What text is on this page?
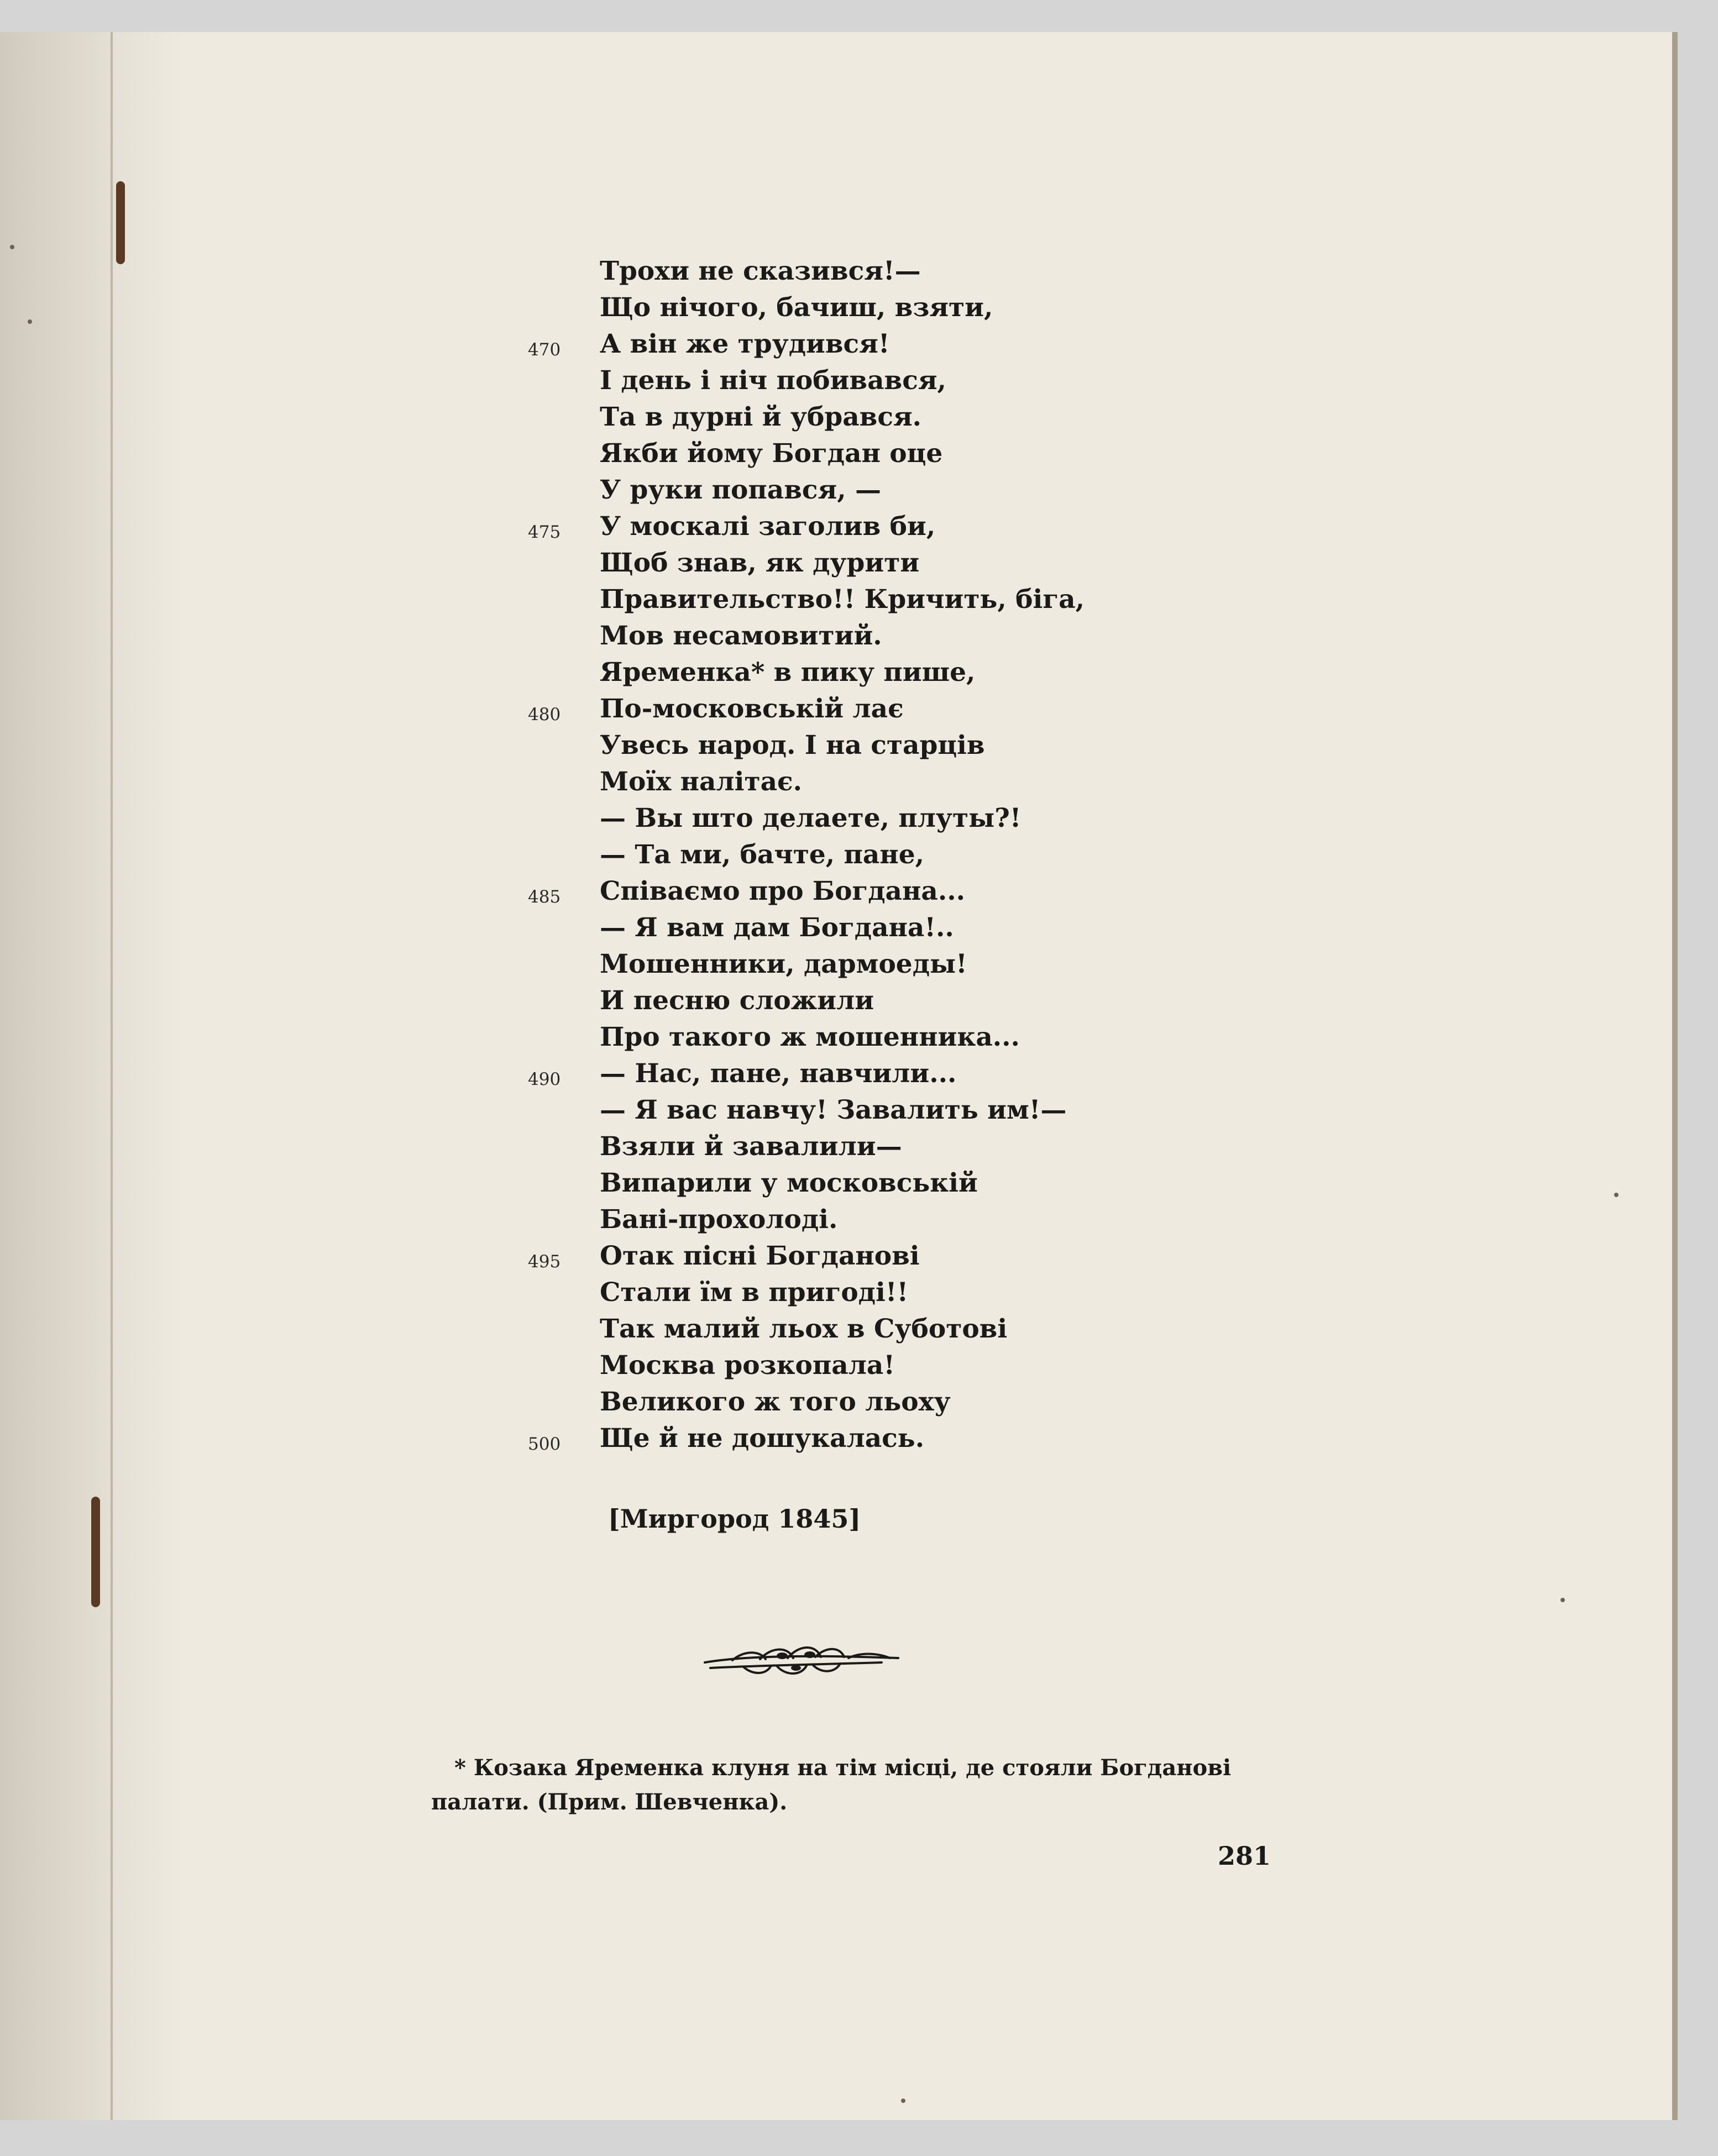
Трохи не сказився!—
Що нічого, бачиш, взяти,
470	А він же трудився!
І день і ніч побивався,
Та в дурні й убрався.
Якби йому Богдан оце
У руки попався, —
475	У москалі заголив би,
Щоб знав, як дурити
Правительство!! Кричить, біга,
Мов несамовитий.
Яременка* в пику пише,
480	По-московській лає
Увесь народ. І на старців
Моїх налітає.
— Вы што делаете, плуты?!
— Та ми, бачте, пане,
485	Співаємо про Богдана...
— Я вам дам Богдана!..
Мошенники, дармоеды!
И песню сложили
Про такого ж мошенника...
490	— Нас, пане, навчили...
— Я вас навчу! Завалить им!—
Взяли й завалили—
Випарили у московській
Бані-прохолоді.
495	Отак пісні Богданові
Стали їм в пригоді!!
Так малий льох в Суботові
Москва розкопала!
Великого ж того льоху
500	Ще й не дошукалась.
[Миргород 1845]
* Козака Яременка клуня на тім місці, де стояли Богданові
палати. (Прим. Шевченка).
281
